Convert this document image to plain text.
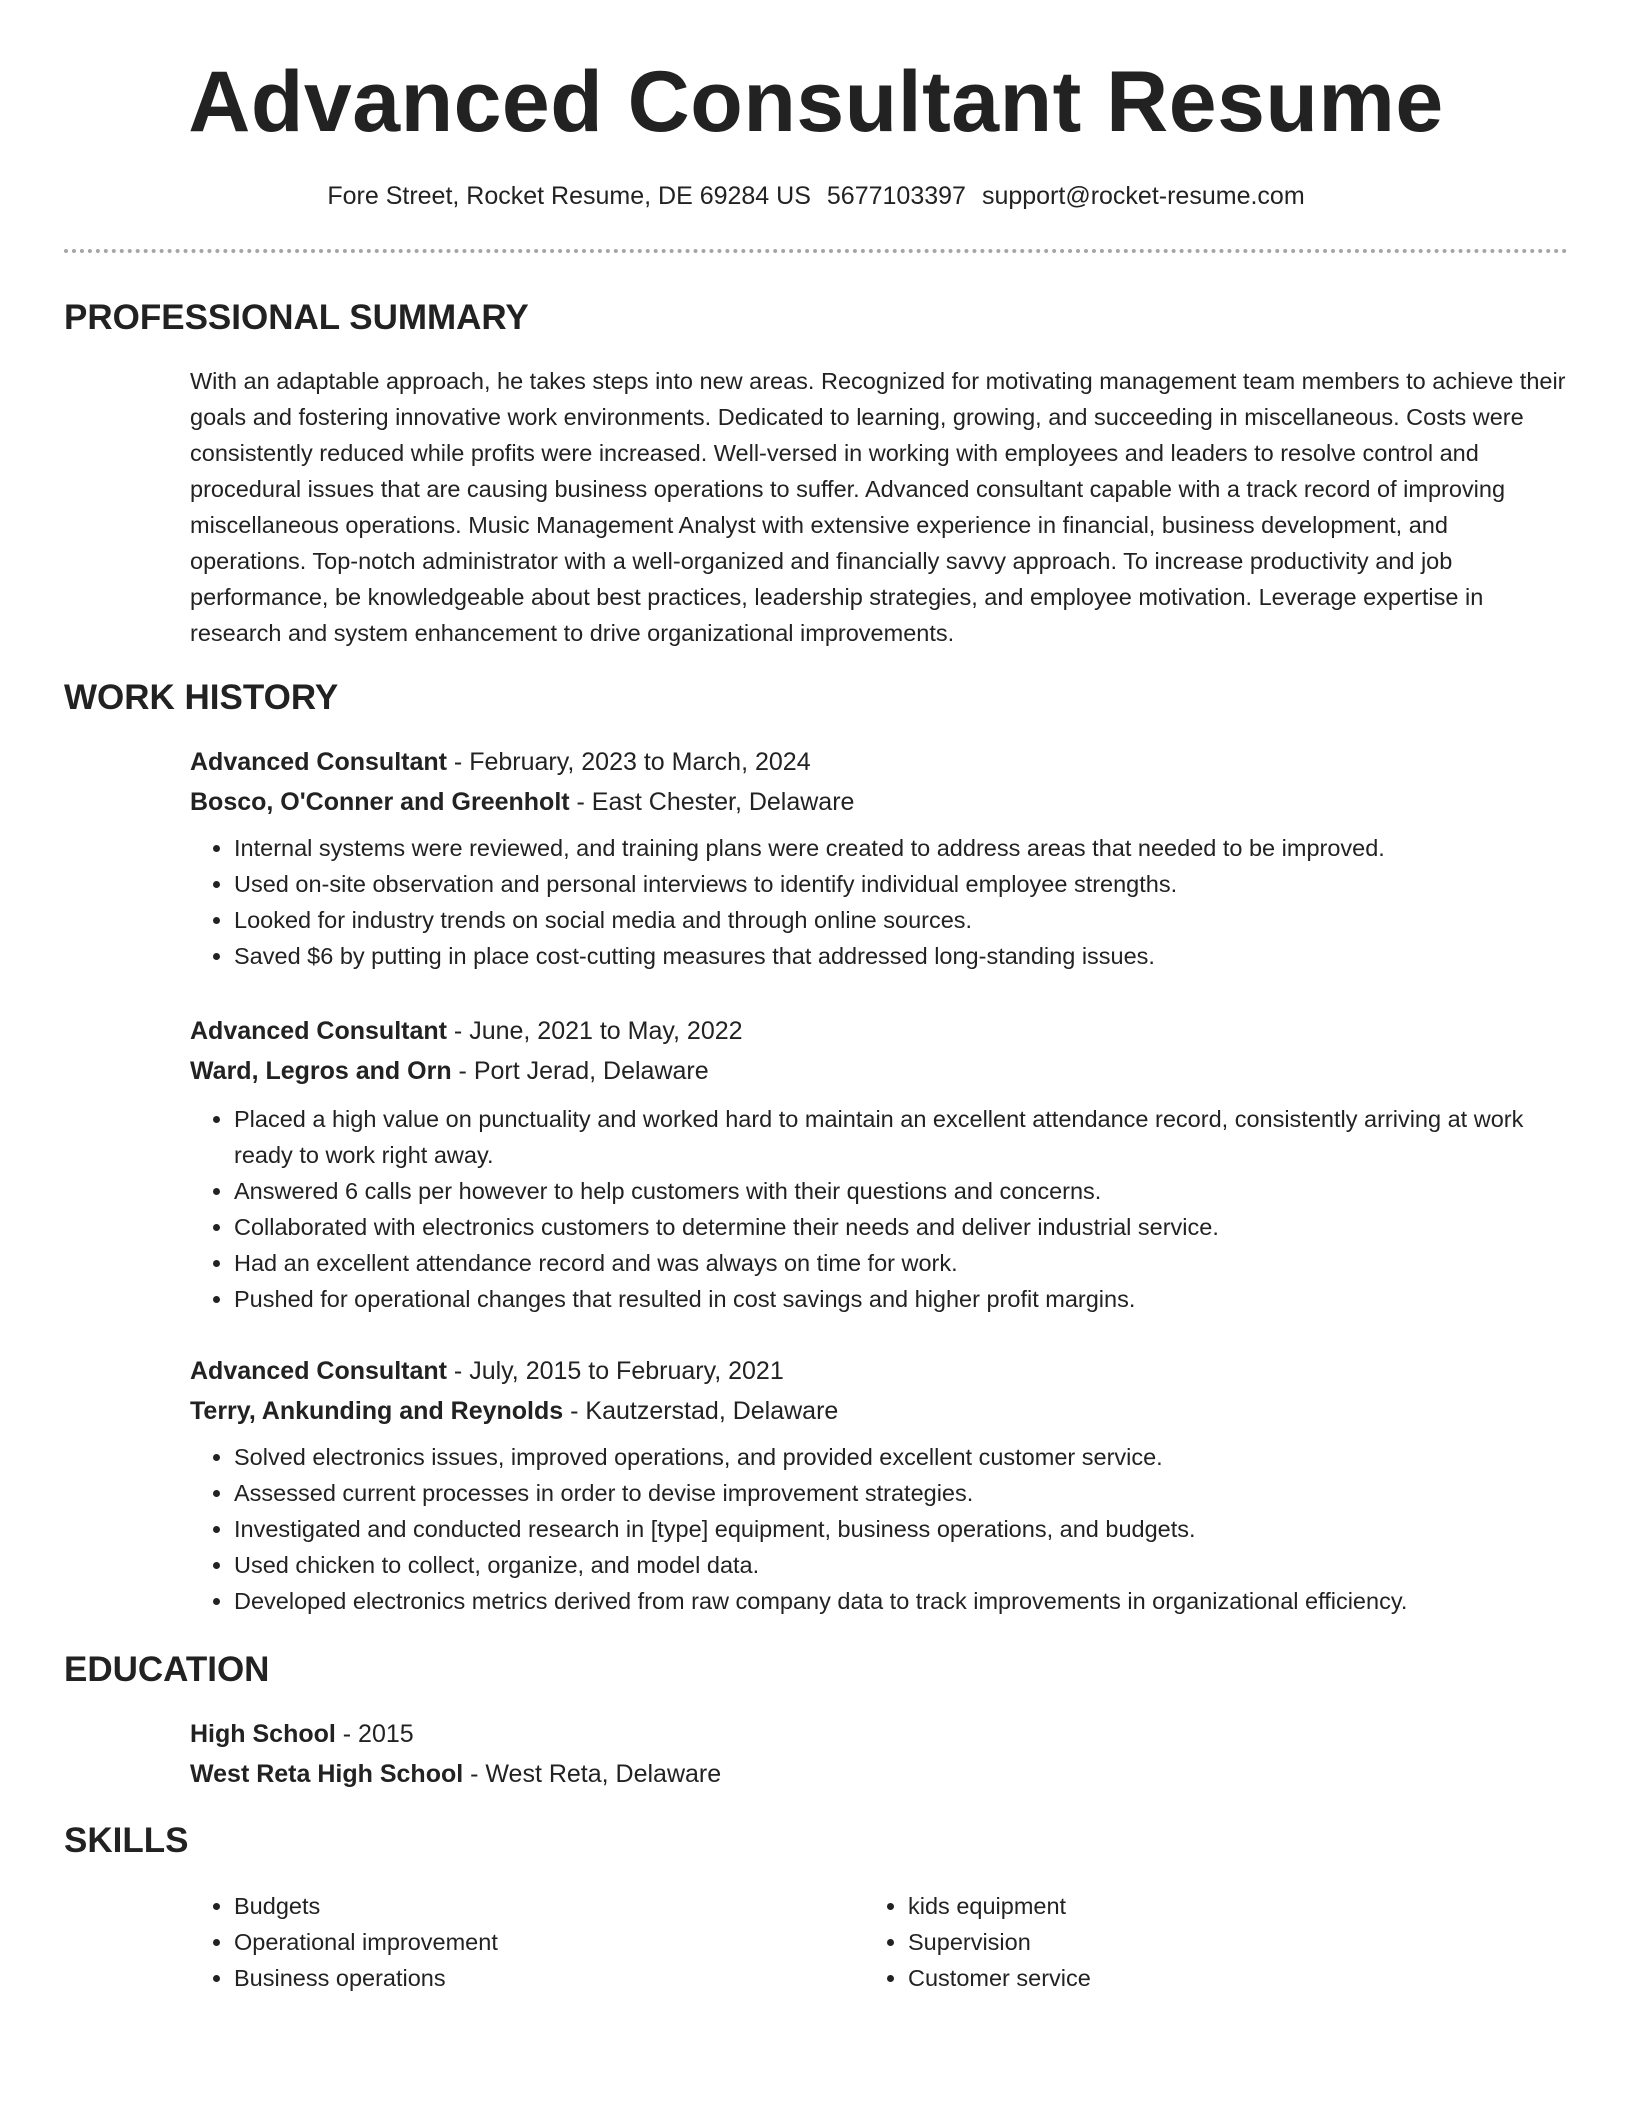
Advanced Consultant Resume
Fore Street, Rocket Resume, DE 69284 US 5677103397 support@rocket-resume.com
PROFESSIONAL SUMMARY

With an adaptable approach, he takes steps into new areas. Recognized for motivating management team members to achieve their goals and fostering innovative work environments. Dedicated to learning, growing, and succeeding in miscellaneous. Costs were consistently reduced while profits were increased. Well-versed in working with employees and leaders to resolve control and procedural issues that are causing business operations to suffer. Advanced consultant capable with a track record of improving miscellaneous operations. Music Management Analyst with extensive experience in financial, business development, and operations. Top-notch administrator with a well-organized and financially savvy approach. To increase productivity and job performance, be knowledgeable about best practices, leadership strategies, and employee motivation. Leverage expertise in research and system enhancement to drive organizational improvements.

WORK HISTORY

Advanced Consultant - February, 2023 to March, 2024

Bosco, O'Conner and Greenholt - East Chester, Delaware

• Internal systems were reviewed, and training plans were created to address areas that needed to be improved.
• Used on-site observation and personal interviews to identify individual employee strengths.
• Looked for industry trends on social media and through online sources.
• Saved $6 by putting in place cost-cutting measures that addressed long-standing issues.

Advanced Consultant - June, 2021 to May, 2022

Ward, Legros and Orn - Port Jerad, Delaware

• Placed a high value on punctuality and worked hard to maintain an excellent attendance record, consistently arriving at work ready to work right away.
• Answered 6 calls per however to help customers with their questions and concerns.
• Collaborated with electronics customers to determine their needs and deliver industrial service.
• Had an excellent attendance record and was always on time for work.
• Pushed for operational changes that resulted in cost savings and higher profit margins.

Advanced Consultant - July, 2015 to February, 2021

Terry, Ankunding and Reynolds - Kautzerstad, Delaware

• Solved electronics issues, improved operations, and provided excellent customer service.
• Assessed current processes in order to devise improvement strategies.
• Investigated and conducted research in [type] equipment, business operations, and budgets.
• Used chicken to collect, organize, and model data.
• Developed electronics metrics derived from raw company data to track improvements in organizational efficiency.
EDUCATION

High School - 2015

West Reta High School - West Reta, Delaware

SKILLS
• Budgets
• Operational improvement
• Business operations
• kids equipment
• Supervision
• Customer service
